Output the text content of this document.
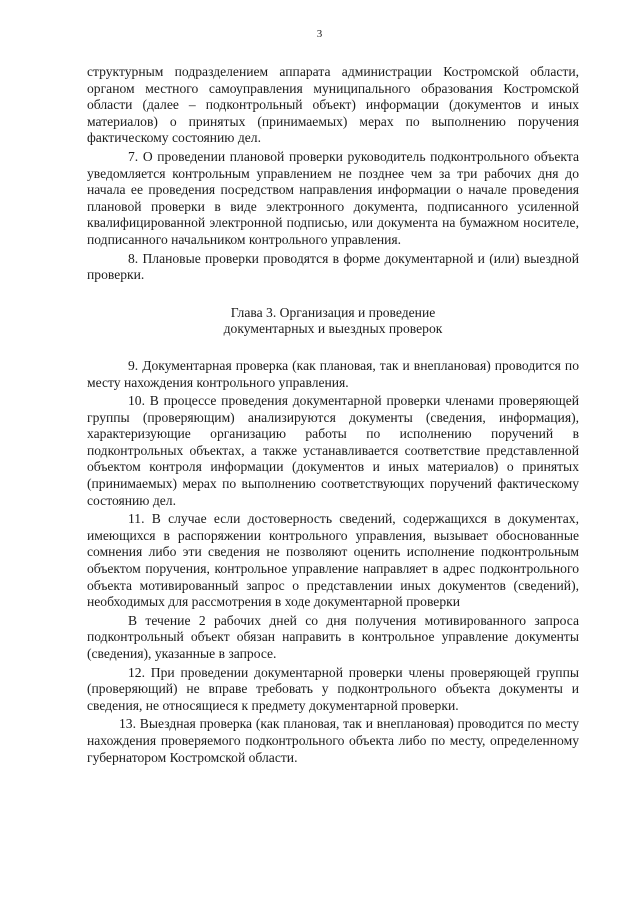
3

структурным подразделением аппарата администрации Костромской области, органом местного самоуправления муниципального образования Костромской области (далее – подконтрольный объект) информации (документов и иных материалов) о принятых (принимаемых) мерах по выполнению поручения фактическому состоянию дел.

7. О проведении плановой проверки руководитель подконтрольного объекта уведомляется контрольным управлением не позднее чем за три рабочих дня до начала ее проведения посредством направления информации о начале проведения плановой проверки в виде электронного документа, подписанного усиленной квалифицированной электронной подписью, или документа на бумажном носителе, подписанного начальником контрольного управления.

8. Плановые проверки проводятся в форме документарной и (или) выездной проверки.

Глава 3. Организация и проведение
документарных и выездных проверок

9. Документарная проверка (как плановая, так и внеплановая) проводится по месту нахождения контрольного управления.

10. В процессе проведения документарной проверки членами проверяющей группы (проверяющим) анализируются документы (сведения, информация), характеризующие организацию работы по исполнению поручений в подконтрольных объектах, а также устанавливается соответствие представленной объектом контроля информации (документов и иных материалов) о принятых (принимаемых) мерах по выполнению соответствующих поручений фактическому состоянию дел.

11. В случае если достоверность сведений, содержащихся в документах, имеющихся в распоряжении контрольного управления, вызывает обоснованные сомнения либо эти сведения не позволяют оценить исполнение подконтрольным объектом поручения, контрольное управление направляет в адрес подконтрольного объекта мотивированный запрос о представлении иных документов (сведений), необходимых для рассмотрения в ходе документарной проверки

В течение 2 рабочих дней со дня получения мотивированного запроса подконтрольный объект обязан направить в контрольное управление документы (сведения), указанные в запросе.

12. При проведении документарной проверки члены проверяющей группы (проверяющий) не вправе требовать у подконтрольного объекта документы и сведения, не относящиеся к предмету документарной проверки.

13. Выездная проверка (как плановая, так и внеплановая) проводится по месту нахождения проверяемого подконтрольного объекта либо по месту, определенному губернатором Костромской области.
